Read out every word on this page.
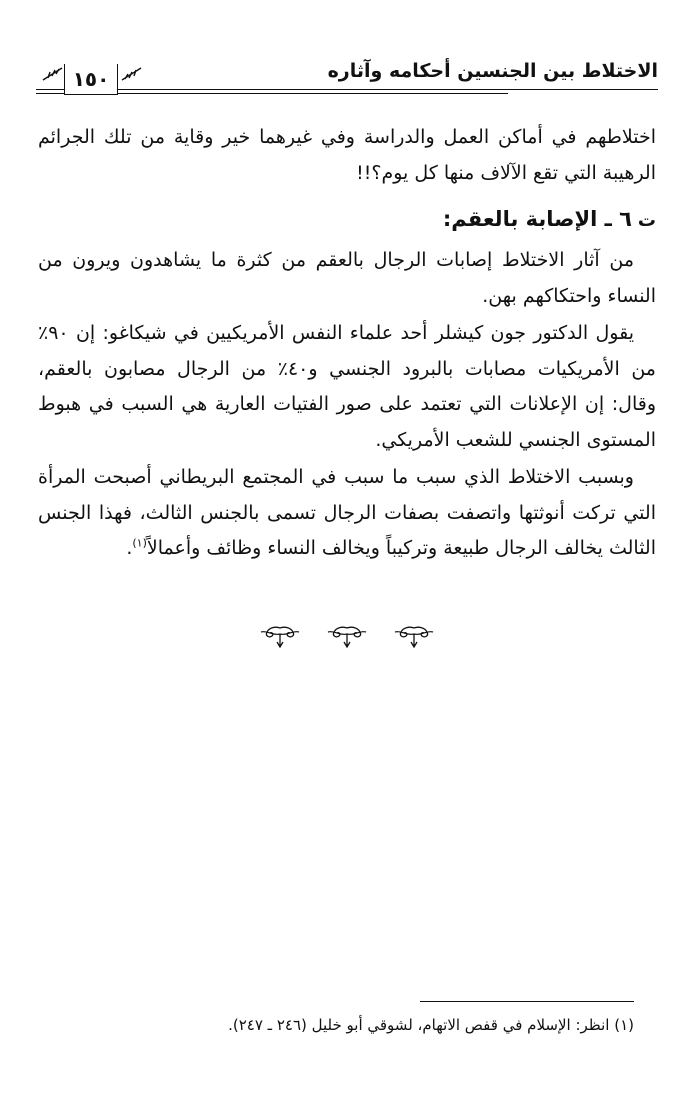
الاختلاط بين الجنسين أحكامه وآثاره
١٥٠

اختلاطهم في أماكن العمل والدراسة وفي غيرهما خير وقاية من تلك الجرائم الرهيبة التي تقع الآلاف منها كل يوم؟!!

ت٦ ـ الإصابة بالعقم:

من آثار الاختلاط إصابات الرجال بالعقم من كثرة ما يشاهدون ويرون من النساء واحتكاكهم بهن.

يقول الدكتور جون كيشلر أحد علماء النفس الأمريكيين في شيكاغو: إن ٩٠٪ من الأمريكيات مصابات بالبرود الجنسي و٤٠٪ من الرجال مصابون بالعقم، وقال: إن الإعلانات التي تعتمد على صور الفتيات العارية هي السبب في هبوط المستوى الجنسي للشعب الأمريكي.

وبسبب الاختلاط الذي سبب ما سبب في المجتمع البريطاني أصبحت المرأة التي تركت أنوثتها واتصفت بصفات الرجال تسمى بالجنس الثالث، فهذا الجنس الثالث يخالف الرجال طبيعة وتركيباً ويخالف النساء وظائف وأعمالاً$^{(١)}$.

(١) انظر: الإسلام في قفص الاتهام، لشوقي أبو خليل (٢٤٦ ـ ٢٤٧).
